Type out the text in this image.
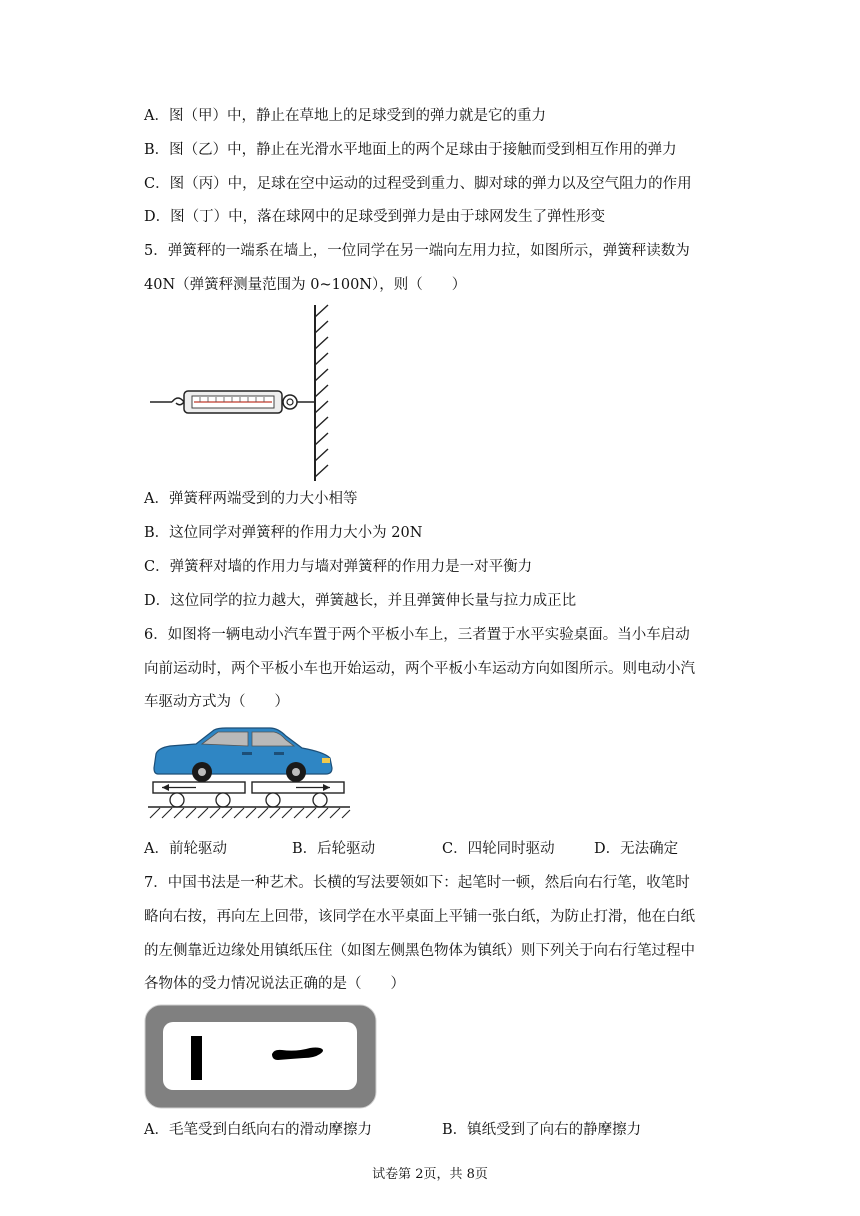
A．图（甲）中，静止在草地上的足球受到的弹力就是它的重力
B．图（乙）中，静止在光滑水平地面上的两个足球由于接触而受到相互作用的弹力
C．图（丙）中，足球在空中运动的过程受到重力、脚对球的弹力以及空气阻力的作用
D．图（丁）中，落在球网中的足球受到弹力是由于球网发生了弹性形变
5．弹簧秤的一端系在墙上，一位同学在另一端向左用力拉，如图所示，弹簧秤读数为
40N（弹簧秤测量范围为 0~100N），则（　　）
A．弹簧秤两端受到的力大小相等
B．这位同学对弹簧秤的作用力大小为 20N
C．弹簧秤对墙的作用力与墙对弹簧秤的作用力是一对平衡力
D．这位同学的拉力越大，弹簧越长，并且弹簧伸长量与拉力成正比
6．如图将一辆电动小汽车置于两个平板小车上，三者置于水平实验桌面。当小车启动
向前运动时，两个平板小车也开始运动，两个平板小车运动方向如图所示。则电动小汽
车驱动方式为（　　）
A．前轮驱动	B．后轮驱动	C．四轮同时驱动	D．无法确定
7．中国书法是一种艺术。长横的写法要领如下：起笔时一顿，然后向右行笔，收笔时
略向右按，再向左上回带，该同学在水平桌面上平铺一张白纸，为防止打滑，他在白纸
的左侧靠近边缘处用镇纸压住（如图左侧黑色物体为镇纸）则下列关于向右行笔过程中
各物体的受力情况说法正确的是（　　）
A．毛笔受到白纸向右的滑动摩擦力	B．镇纸受到了向右的静摩擦力
试卷第 2页，共 8页
